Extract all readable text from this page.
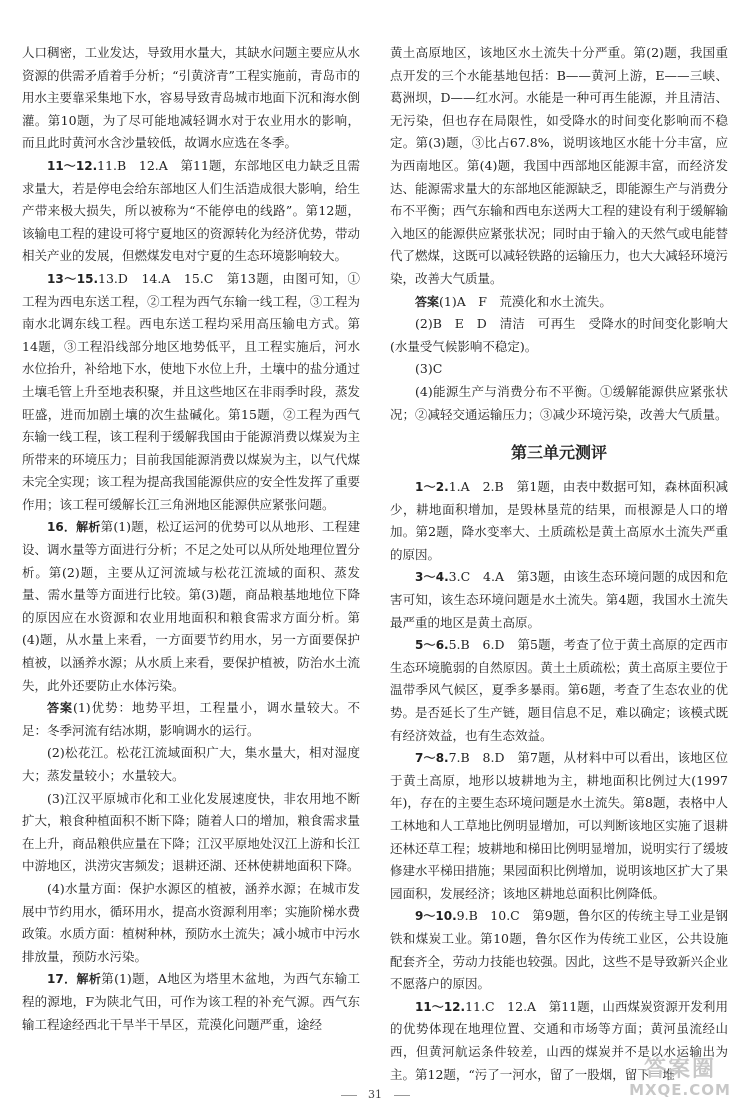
人口稠密，工业发达，导致用水量大，其缺水问题主要应从水资源的供需矛盾着手分析；“引黄济青”工程实施前，青岛市的用水主要靠采集地下水，容易导致青岛城市地面下沉和海水倒灌。第10题，为了尽可能地减轻调水对于农业用水的影响，而且此时黄河水含沙量较低，故调水应选在冬季。

11～12.11.B　12.A　第11题，东部地区电力缺乏且需求量大，若是停电会给东部地区人们生活造成很大影响，给生产带来极大损失，所以被称为“不能停电的线路”。第12题，该输电工程的建设可将宁夏地区的资源转化为经济优势，带动相关产业的发展，但燃煤发电对宁夏的生态环境影响较大。

13～15.13.D　14.A　15.C　第13题，由图可知，①工程为西电东送工程，②工程为西气东输一线工程，③工程为南水北调东线工程。西电东送工程均采用高压输电方式。第14题，③工程沿线部分地区地势低平，且工程实施后，河水水位抬升，补给地下水，使地下水位上升，土壤中的盐分通过土壤毛管上升至地表积聚，并且这些地区在非雨季时段，蒸发旺盛，进而加剧土壤的次生盐碱化。第15题，②工程为西气东输一线工程，该工程利于缓解我国由于能源消费以煤炭为主所带来的环境压力；目前我国能源消费以煤炭为主，以气代煤未完全实现；该工程为提高我国能源供应的安全性发挥了重要作用；该工程可缓解长江三角洲地区能源供应紧张问题。

16．解析第(1)题，松辽运河的优势可以从地形、工程建设、调水量等方面进行分析；不足之处可以从所处地理位置分析。第(2)题，主要从辽河流域与松花江流域的面积、蒸发量、需水量等方面进行比较。第(3)题，商品粮基地地位下降的原因应在水资源和农业用地面积和粮食需求方面分析。第(4)题，从水量上来看，一方面要节约用水，另一方面要保护植被，以涵养水源；从水质上来看，要保护植被，防治水土流失，此外还要防止水体污染。

答案(1)优势：地势平坦，工程量小，调水量较大。不足：冬季河流有结冰期，影响调水的运行。

(2)松花江。松花江流域面积广大，集水量大，相对湿度大；蒸发量较小；水量较大。

(3)江汉平原城市化和工业化发展速度快，非农用地不断扩大，粮食种植面积不断下降；随着人口的增加，粮食需求量在上升，商品粮供应量在下降；江汉平原地处汉江上游和长江中游地区，洪涝灾害频发；退耕还湖、还林使耕地面积下降。

(4)水量方面：保护水源区的植被，涵养水源；在城市发展中节约用水，循环用水，提高水资源利用率；实施阶梯水费政策。水质方面：植树种林，预防水土流失；减小城市中污水排放量，预防水污染。

17．解析第(1)题，A地区为塔里木盆地，为西气东输工程的源地，F为陕北气田，可作为该工程的补充气源。西气东输工程途经西北干旱半干旱区，荒漠化问题严重，途经

黄土高原地区，该地区水土流失十分严重。第(2)题，我国重点开发的三个水能基地包括：B——黄河上游，E——三峡、葛洲坝，D——红水河。水能是一种可再生能源，并且清洁、无污染，但也存在局限性，如受降水的时间变化影响而不稳定。第(3)题，③比占67.8%，说明该地区水能十分丰富，应为西南地区。第(4)题，我国中西部地区能源丰富，而经济发达、能源需求量大的东部地区能源缺乏，即能源生产与消费分布不平衡；西气东输和西电东送两大工程的建设有利于缓解输入地区的能源供应紧张状况；同时由于输入的天然气或电能替代了燃煤，这既可以减轻铁路的运输压力，也大大减轻环境污染，改善大气质量。

答案(1)A　F　荒漠化和水土流失。

(2)B　E　D　清洁　可再生　受降水的时间变化影响大(水量受气候影响不稳定)。

(3)C

(4)能源生产与消费分布不平衡。①缓解能源供应紧张状况；②减轻交通运输压力；③减少环境污染，改善大气质量。

第三单元测评

1～2.1.A　2.B　第1题，由表中数据可知，森林面积减少，耕地面积增加，是毁林垦荒的结果，而根源是人口的增加。第2题，降水变率大、土质疏松是黄土高原水土流失严重的原因。

3～4.3.C　4.A　第3题，由该生态环境问题的成因和危害可知，该生态环境问题是水土流失。第4题，我国水土流失最严重的地区是黄土高原。

5～6.5.B　6.D　第5题，考查了位于黄土高原的定西市生态环境脆弱的自然原因。黄土土质疏松；黄土高原主要位于温带季风气候区，夏季多暴雨。第6题，考查了生态农业的优势。是否延长了生产链，题目信息不足，难以确定；该模式既有经济效益，也有生态效益。

7～8.7.B　8.D　第7题，从材料中可以看出，该地区位于黄土高原，地形以坡耕地为主，耕地面积比例过大(1997年)，存在的主要生态环境问题是水土流失。第8题，表格中人工林地和人工草地比例明显增加，可以判断该地区实施了退耕还林还草工程；坡耕地和梯田比例明显增加，说明实行了缓坡修建水平梯田措施；果园面积比例增加，说明该地区扩大了果园面积，发展经济；该地区耕地总面积比例降低。

9～10.9.B　10.C　第9题，鲁尔区的传统主导工业是钢铁和煤炭工业。第10题，鲁尔区作为传统工业区，公共设施配套齐全，劳动力技能也较强。因此，这些不是导致新兴企业不愿落户的原因。

11～12.11.C　12.A　第11题，山西煤炭资源开发利用的优势体现在地理位置、交通和市场等方面；黄河虽流经山西，但黄河航运条件较差，山西的煤炭并不是以水运输出为主。第12题，“污了一河水，留了一股烟，留下一堆

31
答案圈
MXQE.COM
